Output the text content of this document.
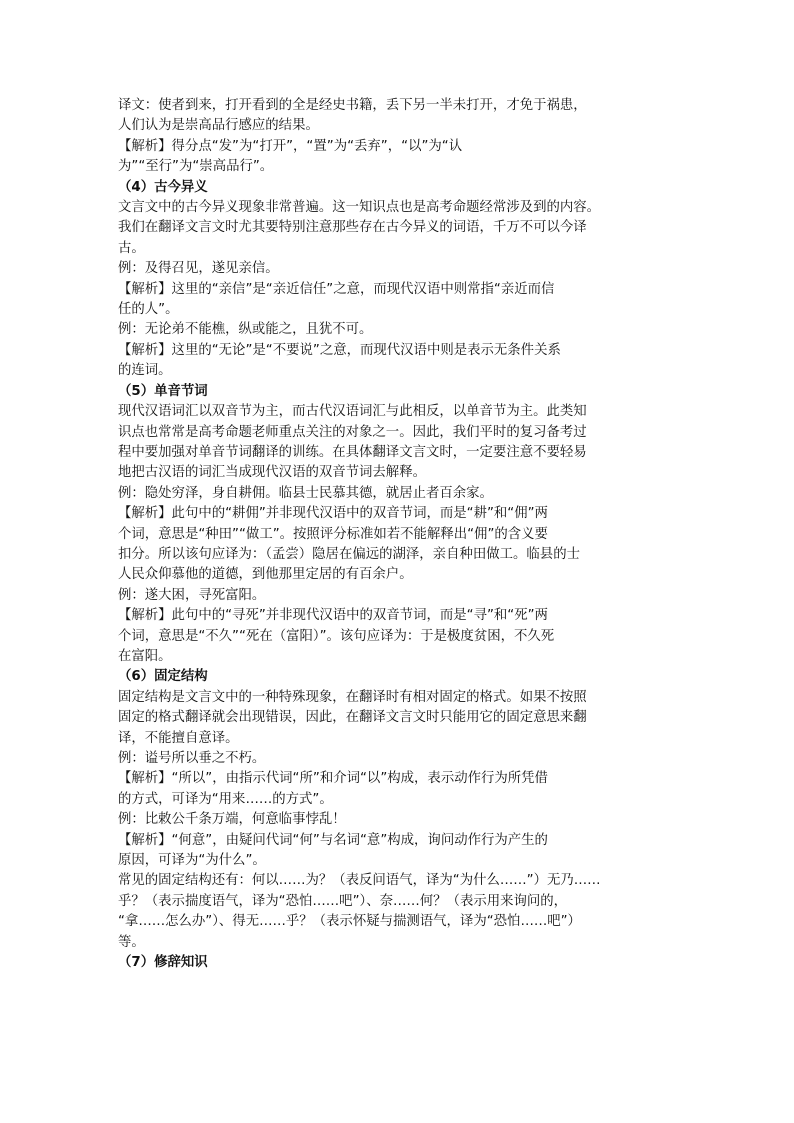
译文：使者到来，打开看到的全是经史书籍，丢下另一半未打开，才免于祸患，

人们认为是崇高品行感应的结果。

【解析】得分点“发”为“打开”，“置”为“丢弃”，“以”为“认

为”“至行”为“崇高品行”。

（4）古今异义

文言文中的古今异义现象非常普遍。这一知识点也是高考命题经常涉及到的内容。

我们在翻译文言文时尤其要特别注意那些存在古今异义的词语，千万不可以今译

古。

例：及得召见，遂见亲信。

【解析】这里的“亲信”是“亲近信任”之意，而现代汉语中则常指“亲近而信

任的人”。

例：无论弟不能樵，纵或能之，且犹不可。

【解析】这里的“无论”是“不要说”之意，而现代汉语中则是表示无条件关系

的连词。

（5）单音节词

现代汉语词汇以双音节为主，而古代汉语词汇与此相反，以单音节为主。此类知

识点也常常是高考命题老师重点关注的对象之一。因此，我们平时的复习备考过

程中要加强对单音节词翻译的训练。在具体翻译文言文时，一定要注意不要轻易

地把古汉语的词汇当成现代汉语的双音节词去解释。

例：隐处穷泽，身自耕佣。临县士民慕其德，就居止者百余家。

【解析】此句中的“耕佣”并非现代汉语中的双音节词，而是“耕”和“佣”两

个词，意思是“种田”“做工”。按照评分标准如若不能解释出“佣”的含义要

扣分。所以该句应译为：（孟尝）隐居在偏远的湖泽，亲自种田做工。临县的士

人民众仰慕他的道德，到他那里定居的有百余户。

例：遂大困，寻死富阳。

【解析】此句中的“寻死”并非现代汉语中的双音节词，而是“寻”和“死”两

个词，意思是“不久”“死在（富阳）”。该句应译为：于是极度贫困，不久死

在富阳。

（6）固定结构

固定结构是文言文中的一种特殊现象，在翻译时有相对固定的格式。如果不按照

固定的格式翻译就会出现错误，因此，在翻译文言文时只能用它的固定意思来翻

译，不能擅自意译。

例：谥号所以垂之不朽。

【解析】“所以”，由指示代词“所”和介词“以”构成，表示动作行为所凭借

的方式，可译为“用来……的方式”。

例：比敕公千条万端，何意临事悖乱！

【解析】“何意”，由疑问代词“何”与名词“意”构成，询问动作行为产生的

原因，可译为“为什么”。

常见的固定结构还有：何以……为？（表反问语气，译为“为什么……”）无乃……

乎？（表示揣度语气，译为“恐怕……吧”）、奈……何？（表示用来询问的，

“拿……怎么办”）、得无……乎？（表示怀疑与揣测语气，译为“恐怕……吧”）

等。

（7）修辞知识
